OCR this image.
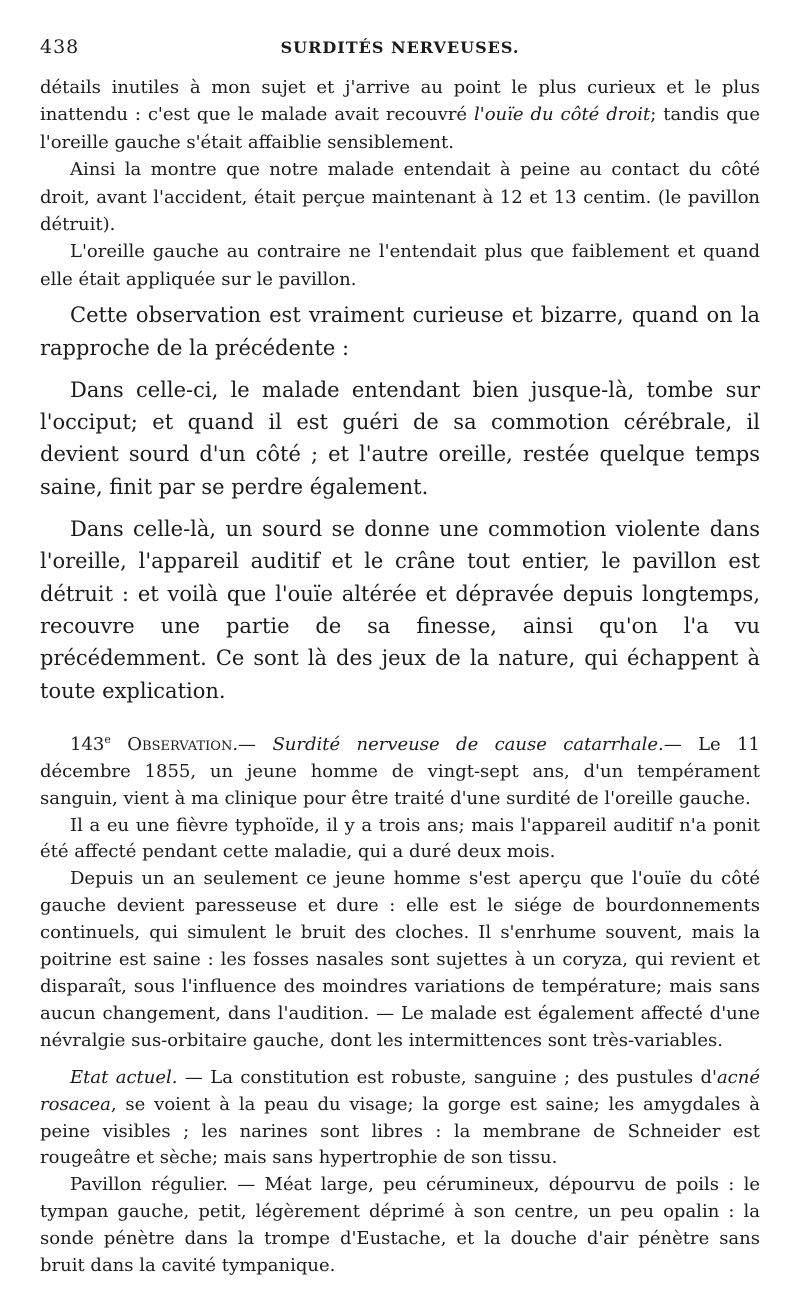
438	SURDITÉS NERVEUSES.

détails inutiles à mon sujet et j'arrive au point le plus curieux et le plus inattendu : c'est que le malade avait recouvré l'ouïe du côté droit; tandis que l'oreille gauche s'était affaiblie sensiblement.

Ainsi la montre que notre malade entendait à peine au contact du côté droit, avant l'accident, était perçue maintenant à 12 et 13 centim. (le pavillon détruit).

L'oreille gauche au contraire ne l'entendait plus que faiblement et quand elle était appliquée sur le pavillon.

Cette observation est vraiment curieuse et bizarre, quand on la rapproche de la précédente :

Dans celle-ci, le malade entendant bien jusque-là, tombe sur l'occiput; et quand il est guéri de sa commotion cérébrale, il devient sourd d'un côté ; et l'autre oreille, restée quelque temps saine, finit par se perdre également.

Dans celle-là, un sourd se donne une commotion violente dans l'oreille, l'appareil auditif et le crâne tout entier, le pavillon est détruit : et voilà que l'ouïe altérée et dépravée depuis longtemps, recouvre une partie de sa finesse, ainsi qu'on l'a vu précédemment. Ce sont là des jeux de la nature, qui échappent à toute explication.

143e Observation.— Surdité nerveuse de cause catarrhale.— Le 11 décembre 1855, un jeune homme de vingt-sept ans, d'un tempérament sanguin, vient à ma clinique pour être traité d'une surdité de l'oreille gauche.

Il a eu une fièvre typhoïde, il y a trois ans; mais l'appareil auditif n'a ponit été affecté pendant cette maladie, qui a duré deux mois.

Depuis un an seulement ce jeune homme s'est aperçu que l'ouïe du côté gauche devient paresseuse et dure : elle est le siége de bourdonnements continuels, qui simulent le bruit des cloches. Il s'enrhume souvent, mais la poitrine est saine : les fosses nasales sont sujettes à un coryza, qui revient et disparaît, sous l'influence des moindres variations de température; mais sans aucun changement, dans l'audition. — Le malade est également affecté d'une névralgie sus-orbitaire gauche, dont les intermittences sont très-variables.

Etat actuel. — La constitution est robuste, sanguine ; des pustules d'acné rosacea, se voient à la peau du visage; la gorge est saine; les amygdales à peine visibles ; les narines sont libres : la membrane de Schneider est rougeâtre et sèche; mais sans hypertrophie de son tissu.

Pavillon régulier. — Méat large, peu cérumineux, dépourvu de poils : le tympan gauche, petit, légèrement déprimé à son centre, un peu opalin : la sonde pénètre dans la trompe d'Eustache, et la douche d'air pénètre sans bruit dans la cavité tympanique.
